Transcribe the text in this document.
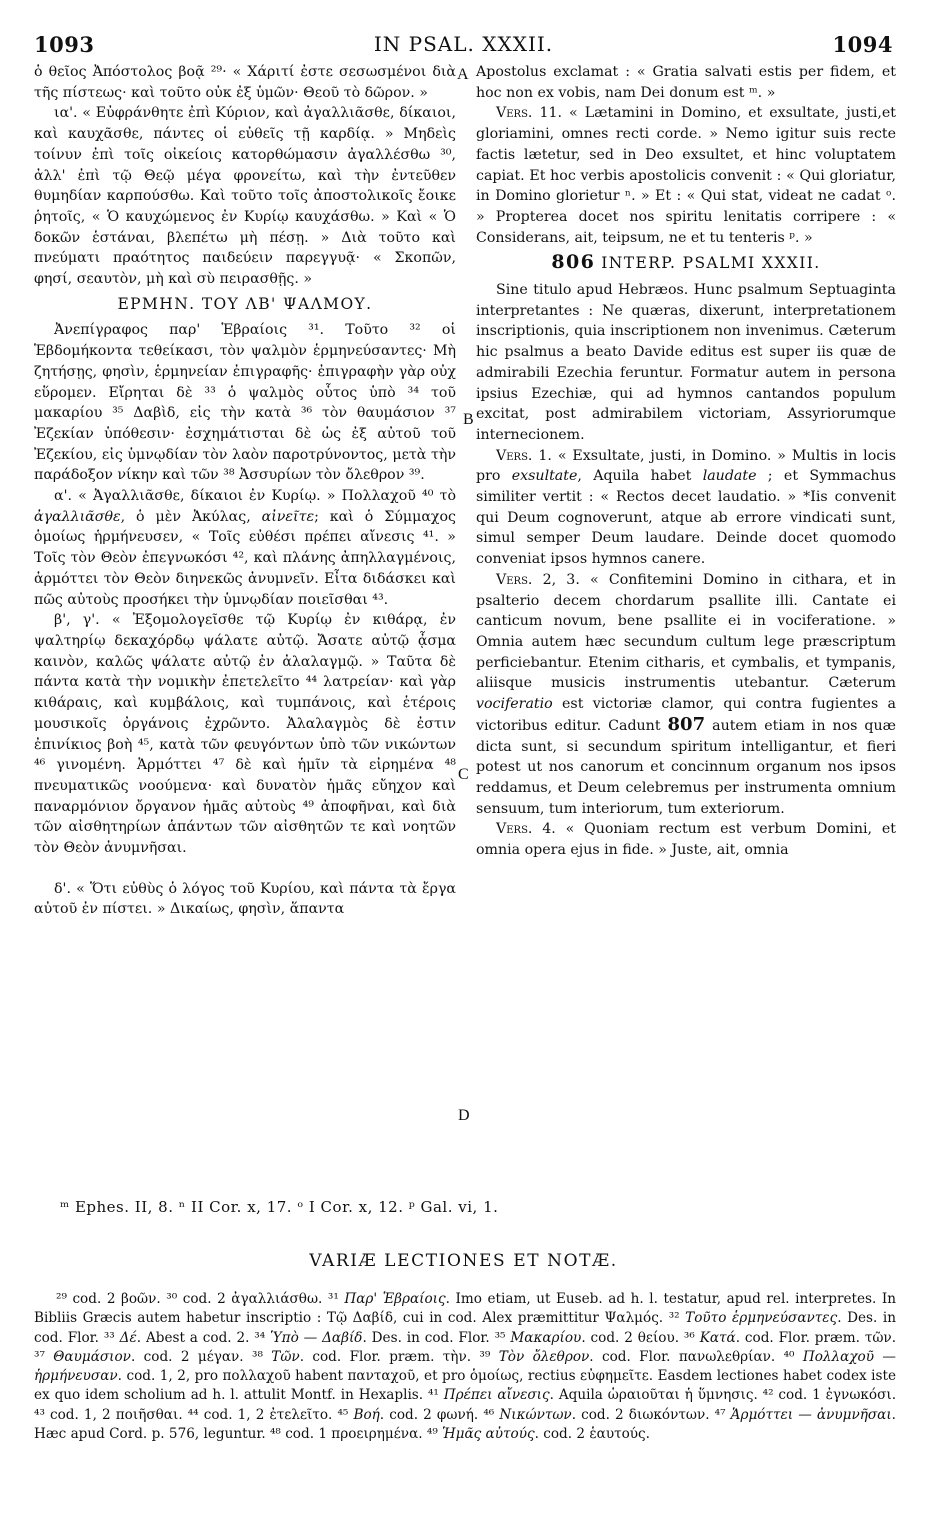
1093	IN PSAL. XXXII.	1094
A
B
C
D

ὁ θεῖος Ἀπόστολος βοᾷ ²⁹· « Χάριτί ἐστε σεσωσμένοι διὰ τῆς πίστεως· καὶ τοῦτο οὐκ ἐξ ὑμῶν· Θεοῦ τὸ δῶρον. »

ια'. « Εὐφράνθητε ἐπὶ Κύριον, καὶ ἀγαλλιᾶσθε, δίκαιοι, καὶ καυχᾶσθε, πάντες οἱ εὐθεῖς τῇ καρδίᾳ. » Μηδεὶς τοίνυν ἐπὶ τοῖς οἰκείοις κατορθώμασιν ἀγαλλέσθω ³⁰, ἀλλ' ἐπὶ τῷ Θεῷ μέγα φρονείτω, καὶ τὴν ἐντεῦθεν θυμηδίαν καρπούσθω. Καὶ τοῦτο τοῖς ἀποστολικοῖς ἔοικε ῥητοῖς, « Ὁ καυχώμενος ἐν Κυρίῳ καυχάσθω. » Καὶ « Ὁ δοκῶν ἑστάναι, βλεπέτω μὴ πέσῃ. » Διὰ τοῦτο καὶ πνεύματι πραότητος παιδεύειν παρεγγυᾷ· « Σκοπῶν, φησί, σεαυτὸν, μὴ καὶ σὺ πειρασθῇς. »

ΕΡΜΗΝ. ΤΟΥ ΛΒ' ΨΑΛΜΟΥ.

Ἀνεπίγραφος παρ' Ἑβραίοις ³¹. Τοῦτο ³² οἱ Ἑβδομήκοντα τεθείκασι, τὸν ψαλμὸν ἑρμηνεύσαντες· Μὴ ζητήσῃς, φησὶν, ἑρμηνείαν ἐπιγραφῆς· ἐπιγραφὴν γὰρ οὐχ εὕρομεν. Εἴρηται δὲ ³³ ὁ ψαλμὸς οὗτος ὑπὸ ³⁴ τοῦ μακαρίου ³⁵ Δαβὶδ, εἰς τὴν κατὰ ³⁶ τὸν θαυμάσιον ³⁷ Ἐζεκίαν ὑπόθεσιν· ἐσχημάτισται δὲ ὡς ἐξ αὐτοῦ τοῦ Ἐζεκίου, εἰς ὑμνῳδίαν τὸν λαὸν παροτρύνοντος, μετὰ τὴν παράδοξον νίκην καὶ τῶν ³⁸ Ἀσσυρίων τὸν ὄλεθρον ³⁹.

α'. « Ἀγαλλιᾶσθε, δίκαιοι ἐν Κυρίῳ. » Πολλαχοῦ ⁴⁰ τὸ ἀγαλλιᾶσθε, ὁ μὲν Ἀκύλας, αἰνεῖτε; καὶ ὁ Σύμμαχος ὁμοίως ἡρμήνευσεν, « Τοῖς εὐθέσι πρέπει αἴνεσις ⁴¹. » Τοῖς τὸν Θεὸν ἐπεγνωκόσι ⁴², καὶ πλάνης ἀπηλλαγμένοις, ἁρμόττει τὸν Θεὸν διηνεκῶς ἀνυμνεῖν. Εἶτα διδάσκει καὶ πῶς αὐτοὺς προσήκει τὴν ὑμνῳδίαν ποιεῖσθαι ⁴³.

β', γ'. « Ἐξομολογεῖσθε τῷ Κυρίῳ ἐν κιθάρᾳ, ἐν ψαλτηρίῳ δεκαχόρδῳ ψάλατε αὐτῷ. Ἄσατε αὐτῷ ᾆσμα καινὸν, καλῶς ψάλατε αὐτῷ ἐν ἀλαλαγμῷ. » Ταῦτα δὲ πάντα κατὰ τὴν νομικὴν ἐπετελεῖτο ⁴⁴ λατρείαν· καὶ γὰρ κιθάραις, καὶ κυμβάλοις, καὶ τυμπάνοις, καὶ ἑτέροις μουσικοῖς ὀργάνοις ἐχρῶντο. Ἀλαλαγμὸς δὲ ἐστιν ἐπινίκιος βοὴ ⁴⁵, κατὰ τῶν φευγόντων ὑπὸ τῶν νικώντων ⁴⁶ γινομένη. Ἁρμόττει ⁴⁷ δὲ καὶ ἡμῖν τὰ εἰρημένα ⁴⁸ πνευματικῶς νοούμενα· καὶ δυνατὸν ἡμᾶς εὔηχον καὶ παναρμόνιον ὄργανον ἡμᾶς αὐτοὺς ⁴⁹ ἀποφῆναι, καὶ διὰ τῶν αἰσθητηρίων ἁπάντων τῶν αἰσθητῶν τε καὶ νοητῶν τὸν Θεὸν ἀνυμνῆσαι.

δ'. « Ὅτι εὐθὺς ὁ λόγος τοῦ Κυρίου, καὶ πάντα τὰ ἔργα αὐτοῦ ἐν πίστει. » Δικαίως, φησὶν, ἅπαντα

Apostolus exclamat : « Gratia salvati estis per fidem, et hoc non ex vobis, nam Dei donum est ᵐ. »

Vers. 11. « Lætamini in Domino, et exsultate, justi,et gloriamini, omnes recti corde. » Nemo igitur suis recte factis lætetur, sed in Deo exsultet, et hinc voluptatem capiat. Et hoc verbis apostolicis convenit : « Qui gloriatur, in Domino glorietur ⁿ. » Et : « Qui stat, videat ne cadat ᵒ. » Propterea docet nos spiritu lenitatis corripere : « Considerans, ait, teipsum, ne et tu tenteris ᵖ. »

806 INTERP. PSALMI XXXII.

Sine titulo apud Hebræos. Hunc psalmum Septuaginta interpretantes : Ne quæras, dixerunt, interpretationem inscriptionis, quia inscriptionem non invenimus. Cæterum hic psalmus a beato Davide editus est super iis quæ de admirabili Ezechia feruntur. Formatur autem in persona ipsius Ezechiæ, qui ad hymnos cantandos populum excitat, post admirabilem victoriam, Assyriorumque internecionem.

Vers. 1. « Exsultate, justi, in Domino. » Multis in locis pro exsultate, Aquila habet laudate ; et Symmachus similiter vertit : « Rectos decet laudatio. » *Iis convenit qui Deum cognoverunt, atque ab errore vindicati sunt, simul semper Deum laudare. Deinde docet quomodo conveniat ipsos hymnos canere.

Vers. 2, 3. « Confitemini Domino in cithara, et in psalterio decem chordarum psallite illi. Cantate ei canticum novum, bene psallite ei in vociferatione. » Omnia autem hæc secundum cultum lege præscriptum perficiebantur. Etenim citharis, et cymbalis, et tympanis, aliisque musicis instrumentis utebantur. Cæterum vociferatio est victoriæ clamor, qui contra fugientes a victoribus editur. Cadunt 807 autem etiam in nos quæ dicta sunt, si secundum spiritum intelligantur, et fieri potest ut nos canorum et concinnum organum nos ipsos reddamus, et Deum celebremus per instrumenta omnium sensuum, tum interiorum, tum exteriorum.

Vers. 4. « Quoniam rectum est verbum Domini, et omnia opera ejus in fide. » Juste, ait, omnia

ᵐ Ephes. II, 8. ⁿ II Cor. x, 17. ᵒ I Cor. x, 12. ᵖ Gal. vi, 1.
VARIÆ LECTIONES ET NOTÆ.

²⁹ cod. 2 βοῶν. ³⁰ cod. 2 ἀγαλλιάσθω. ³¹ Παρ' Ἑβραίοις. Imo etiam, ut Euseb. ad h. l. testatur, apud rel. interpretes. In Bibliis Græcis autem habetur inscriptio : Τῷ Δαβίδ, cui in cod. Alex præmittitur Ψαλμός. ³² Τοῦτο ἑρμηνεύσαντες. Des. in cod. Flor. ³³ Δέ. Abest a cod. 2. ³⁴ Ὑπὸ — Δαβίδ. Des. in cod. Flor. ³⁵ Μακαρίου. cod. 2 θείου. ³⁶ Κατά. cod. Flor. præm. τῶν. ³⁷ Θαυμάσιον. cod. 2 μέγαν. ³⁸ Τῶν. cod. Flor. præm. τὴν. ³⁹ Τὸν ὄλεθρον. cod. Flor. πανωλεθρίαν. ⁴⁰ Πολλαχοῦ — ἡρμήνευσαν. cod. 1, 2, pro πολλαχοῦ habent πανταχοῦ, et pro ὁμοίως, rectius εὐφημεῖτε. Easdem lectiones habet codex iste ex quo idem scholium ad h. l. attulit Montf. in Hexaplis. ⁴¹ Πρέπει αἴνεσις. Aquila ὡραιοῦται ἡ ὕμνησις. ⁴² cod. 1 ἐγνωκόσι. ⁴³ cod. 1, 2 ποιῆσθαι. ⁴⁴ cod. 1, 2 ἐτελεῖτο. ⁴⁵ Βοή. cod. 2 φωνή. ⁴⁶ Νικώντων. cod. 2 διωκόντων. ⁴⁷ Ἁρμόττει — ἀνυμνῆσαι. Hæc apud Cord. p. 576, leguntur. ⁴⁸ cod. 1 προειρημένα. ⁴⁹ Ἡμᾶς αὐτούς. cod. 2 ἑαυτούς.
